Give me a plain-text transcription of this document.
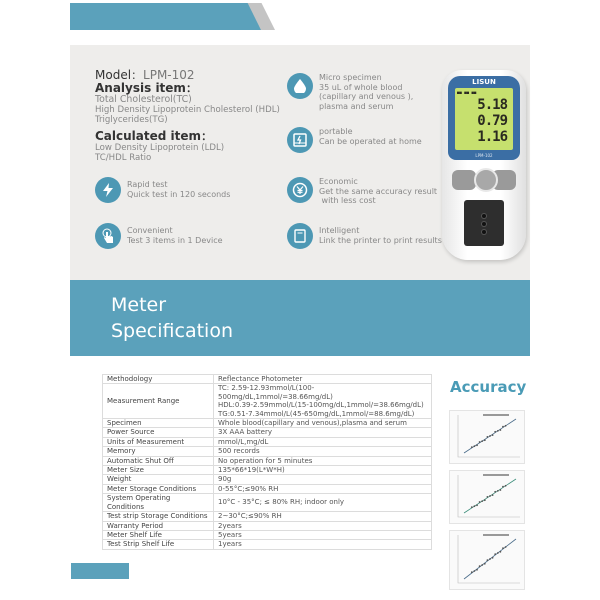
Model：LPM-102
Analysis item：
Total Cholesterol(TC)
High Density Lipoprotein Cholesterol (HDL)
Triglycerides(TG)
Calculated item：
Low Density Lipoprotein (LDL)
TC/HDL Ratio
Micro specimen
35 uL of whole blood
(capillary and venous ),
plasma and serum
portable
Can be operated at home
Rapid test
Quick test in 120 seconds
Economic
Get the same accuracy result
with less cost
Convenient
Test 3 items in 1 Device
Intelligent
Link the printer to print results
LISUN
■■ ■■ ■■
5.18
0.79
1.16
LPM-102
Meter
Specification
Methodology	Reflectance Photometer

Measurement Range	TC: 2.59-12.93mmol/L(100-500mg/dL,1mmol/=38.66mg/dL)
HDL:0.39-2.59mmol/L(15-100mg/dL,1mmol/=38.66mg/dL)
TG:0.51-7.34mmol/L(45-650mg/dL,1mmol/=88.6mg/dL)

Specimen	Whole blood(capillary and venous),plasma and serum

Power Source	3X AAA battery

Units of Measurement	mmol/L,mg/dL

Memory	500 records

Automatic Shut Off	No operation for 5 minutes

Meter Size	135*66*19(L*W*H)

Weight	90g

Meter Storage Conditions	0-55°C;≤90% RH

System Operating Conditions	10°C - 35°C; ≤ 80% RH; indoor only

Test strip Storage Conditions	2~30°C;≤90% RH

Warranty Period	2years

Meter Shelf Life	5years

Test Strip Shelf Life	1years
Accuracy
